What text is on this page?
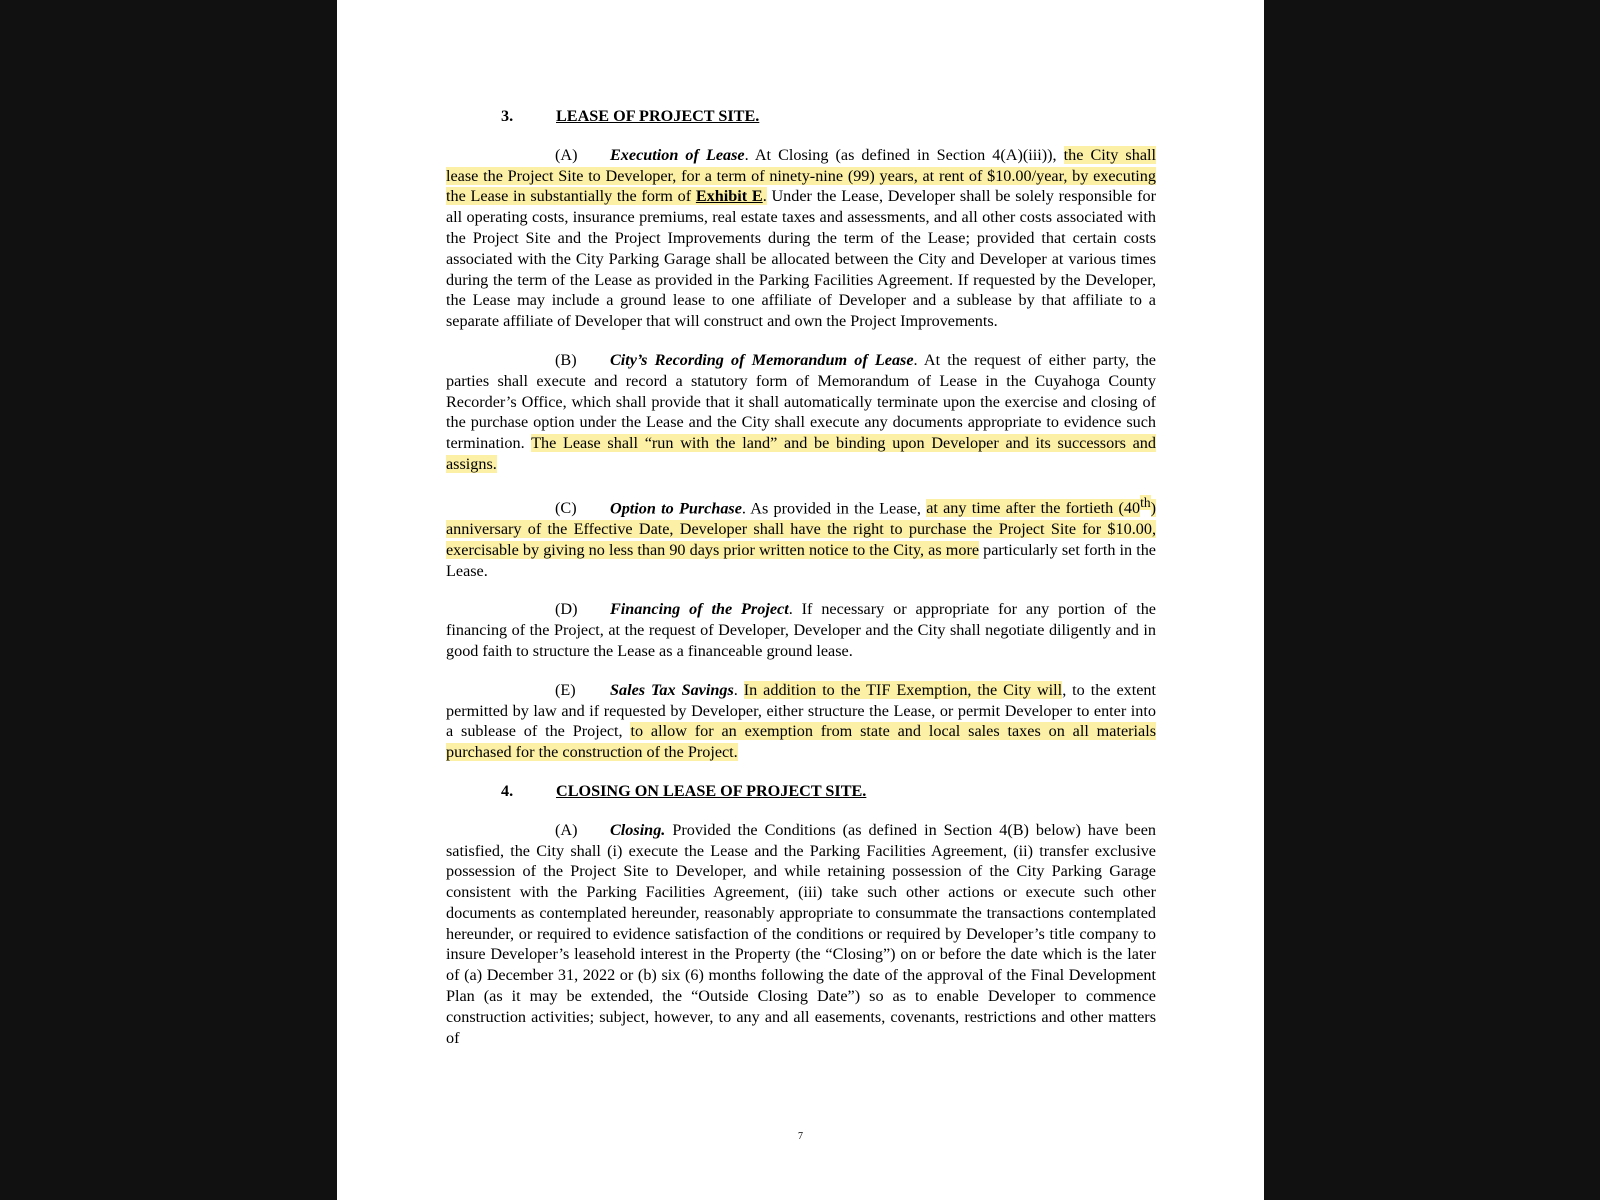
3.	LEASE OF PROJECT SITE.

(A) Execution of Lease. At Closing (as defined in Section 4(A)(iii)), the City shall lease the Project Site to Developer, for a term of ninety-nine (99) years, at rent of $10.00/year, by executing the Lease in substantially the form of Exhibit E. Under the Lease, Developer shall be solely responsible for all operating costs, insurance premiums, real estate taxes and assessments, and all other costs associated with the Project Site and the Project Improvements during the term of the Lease; provided that certain costs associated with the City Parking Garage shall be allocated between the City and Developer at various times during the term of the Lease as provided in the Parking Facilities Agreement. If requested by the Developer, the Lease may include a ground lease to one affiliate of Developer and a sublease by that affiliate to a separate affiliate of Developer that will construct and own the Project Improvements.

(B) City’s Recording of Memorandum of Lease. At the request of either party, the parties shall execute and record a statutory form of Memorandum of Lease in the Cuyahoga County Recorder’s Office, which shall provide that it shall automatically terminate upon the exercise and closing of the purchase option under the Lease and the City shall execute any documents appropriate to evidence such termination. The Lease shall “run with the land” and be binding upon Developer and its successors and assigns.

(C) Option to Purchase. As provided in the Lease, at any time after the fortieth (40th) anniversary of the Effective Date, Developer shall have the right to purchase the Project Site for $10.00, exercisable by giving no less than 90 days prior written notice to the City, as more particularly set forth in the Lease.

(D) Financing of the Project. If necessary or appropriate for any portion of the financing of the Project, at the request of Developer, Developer and the City shall negotiate diligently and in good faith to structure the Lease as a financeable ground lease.

(E) Sales Tax Savings. In addition to the TIF Exemption, the City will, to the extent permitted by law and if requested by Developer, either structure the Lease, or permit Developer to enter into a sublease of the Project, to allow for an exemption from state and local sales taxes on all materials purchased for the construction of the Project.

4.	CLOSING ON LEASE OF PROJECT SITE.

(A) Closing. Provided the Conditions (as defined in Section 4(B) below) have been satisfied, the City shall (i) execute the Lease and the Parking Facilities Agreement, (ii) transfer exclusive possession of the Project Site to Developer, and while retaining possession of the City Parking Garage consistent with the Parking Facilities Agreement, (iii) take such other actions or execute such other documents as contemplated hereunder, reasonably appropriate to consummate the transactions contemplated hereunder, or required to evidence satisfaction of the conditions or required by Developer’s title company to insure Developer’s leasehold interest in the Property (the “Closing”) on or before the date which is the later of (a) December 31, 2022 or (b) six (6) months following the date of the approval of the Final Development Plan (as it may be extended, the “Outside Closing Date”) so as to enable Developer to commence construction activities; subject, however, to any and all easements, covenants, restrictions and other matters of

7
